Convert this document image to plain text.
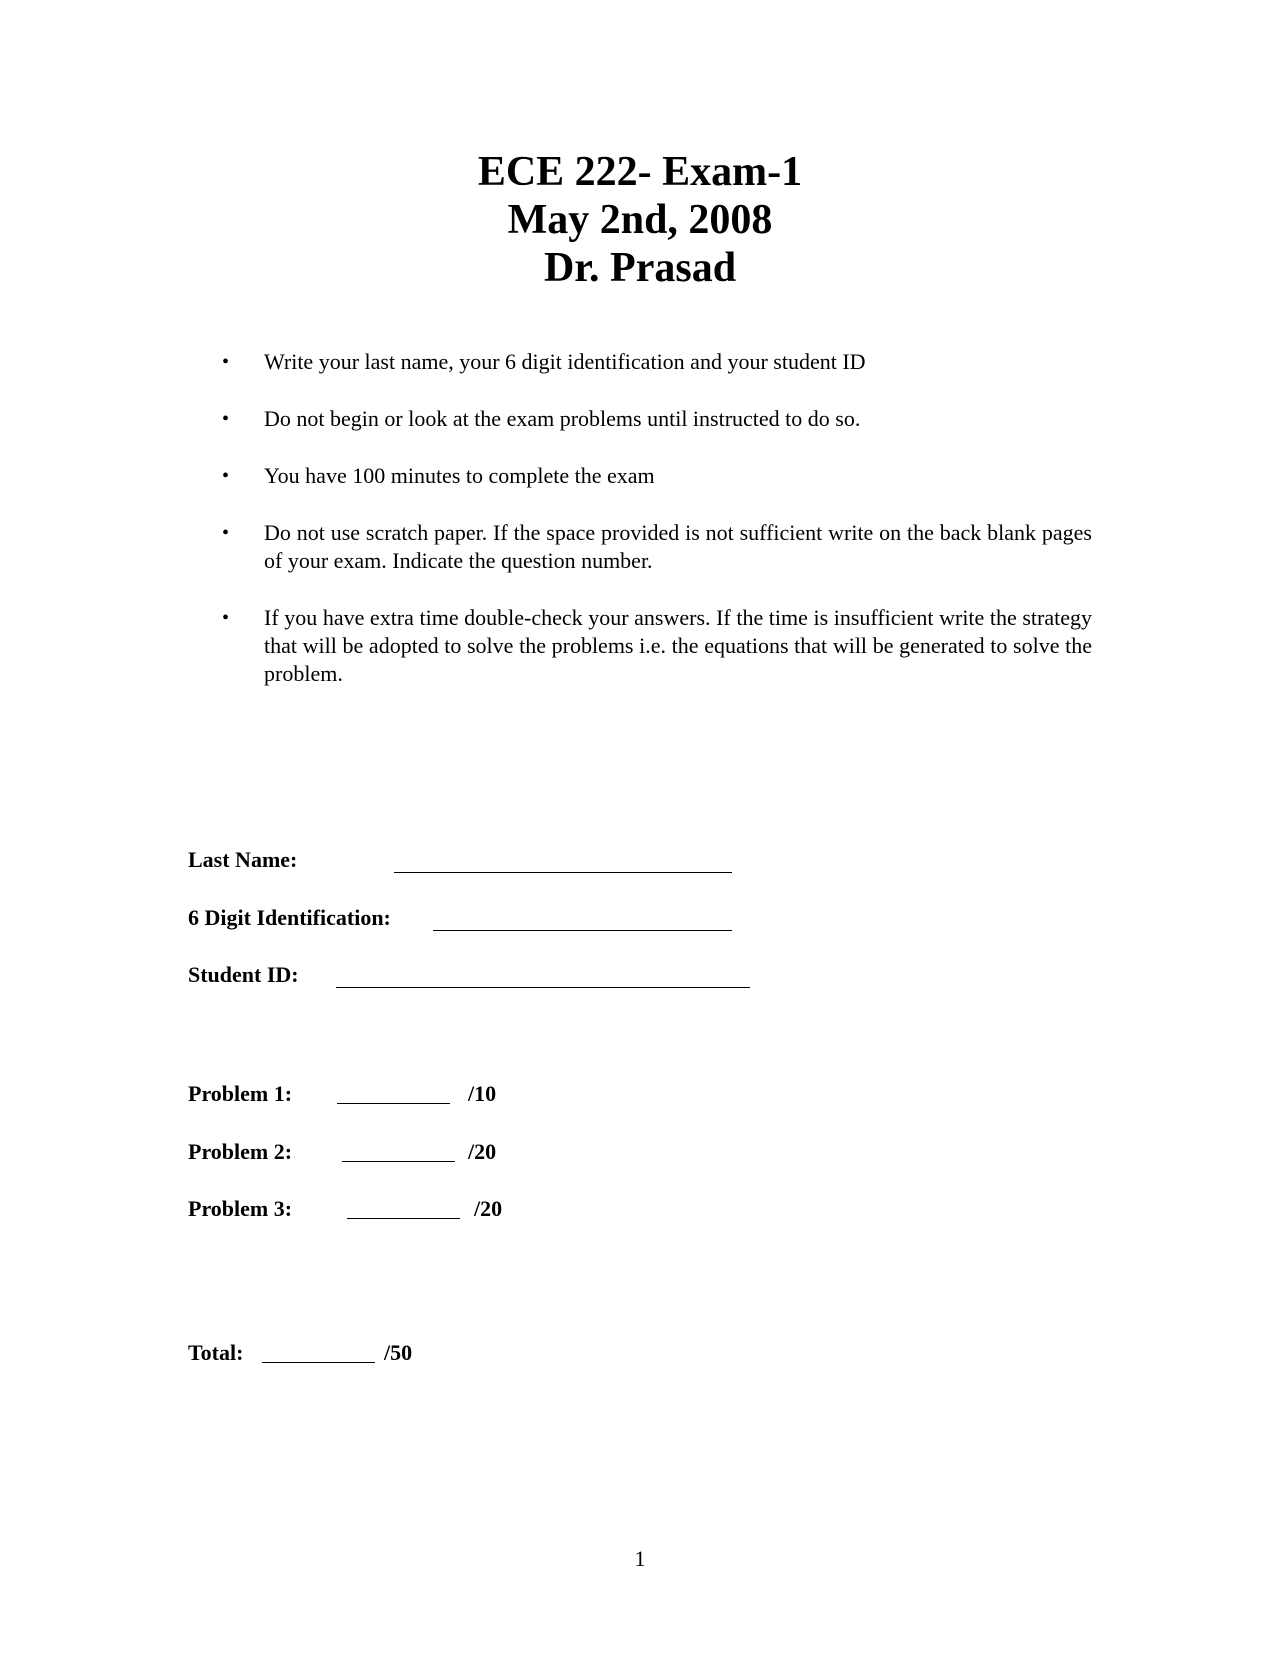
ECE 222- Exam-1
May 2nd, 2008
Dr. Prasad
• Write your last name, your 6 digit identification and your student ID
• Do not begin or look at the exam problems until instructed to do so.
• You have 100 minutes to complete the exam
• Do not use scratch paper. If the space provided is not sufficient write on the back blank pages of your exam. Indicate the question number.
• If you have extra time double-check your answers. If the time is insufficient write the strategy that will be adopted to solve the problems i.e. the equations that will be generated to solve the problem.
Last Name:
6 Digit Identification:
Student ID:
Problem 1:	/10
Problem 2:	/20
Problem 3:	/20
Total:	/50
1
